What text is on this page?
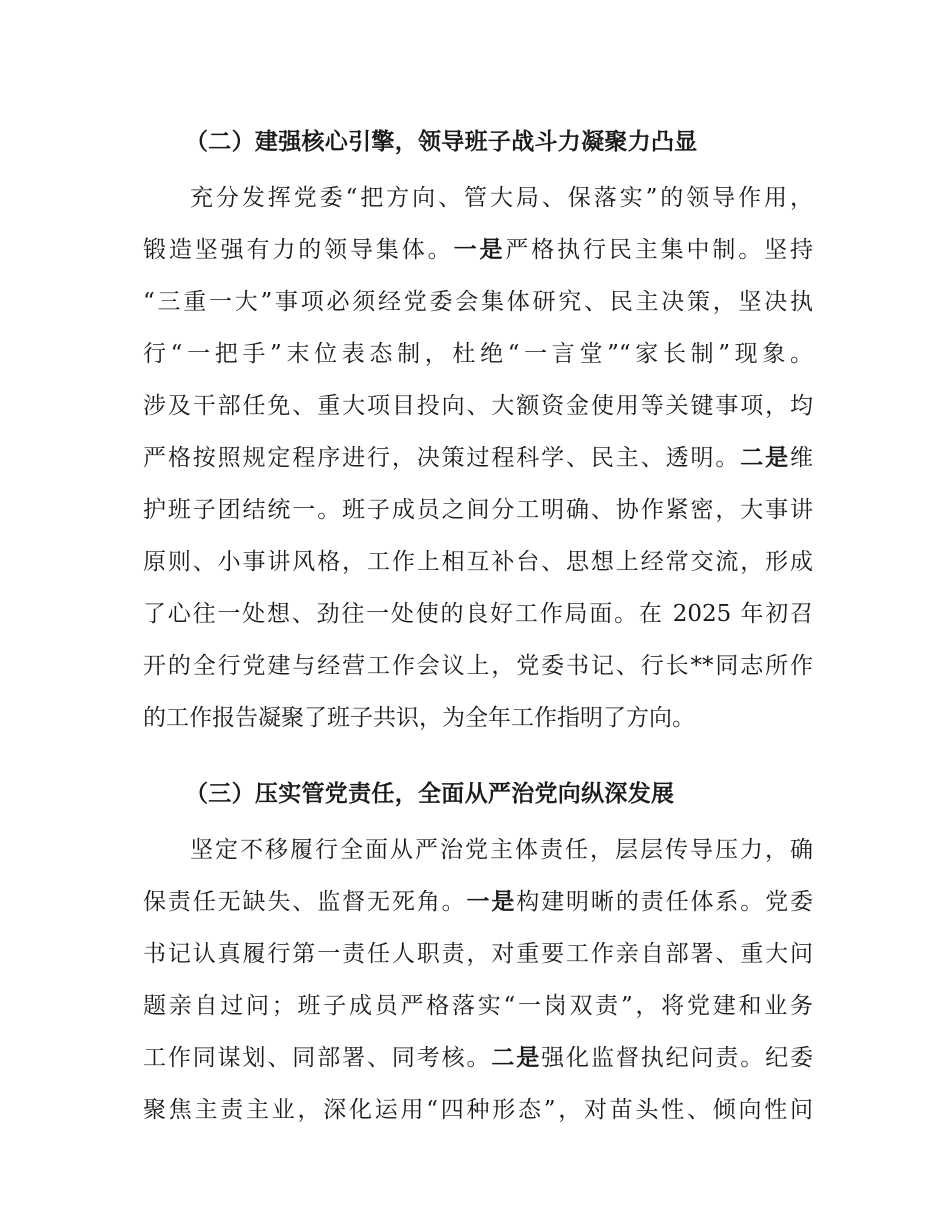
（二）建强核心引擎，领导班子战斗力凝聚力凸显
充分发挥党委“把方向、管大局、保落实”的领导作用，
锻造坚强有力的领导集体。一是严格执行民主集中制。坚持
“三重一大”事项必须经党委会集体研究、民主决策，坚决执
行“一把手”末位表态制，杜绝“一言堂”“家长制”现象。
涉及干部任免、重大项目投向、大额资金使用等关键事项，均
严格按照规定程序进行，决策过程科学、民主、透明。二是维
护班子团结统一。班子成员之间分工明确、协作紧密，大事讲
原则、小事讲风格，工作上相互补台、思想上经常交流，形成
了心往一处想、劲往一处使的良好工作局面。在 2025 年初召
开的全行党建与经营工作会议上，党委书记、行长**同志所作
的工作报告凝聚了班子共识，为全年工作指明了方向。
（三）压实管党责任，全面从严治党向纵深发展
坚定不移履行全面从严治党主体责任，层层传导压力，确
保责任无缺失、监督无死角。一是构建明晰的责任体系。党委
书记认真履行第一责任人职责，对重要工作亲自部署、重大问
题亲自过问；班子成员严格落实“一岗双责”，将党建和业务
工作同谋划、同部署、同考核。二是强化监督执纪问责。纪委
聚焦主责主业，深化运用“四种形态”，对苗头性、倾向性问
